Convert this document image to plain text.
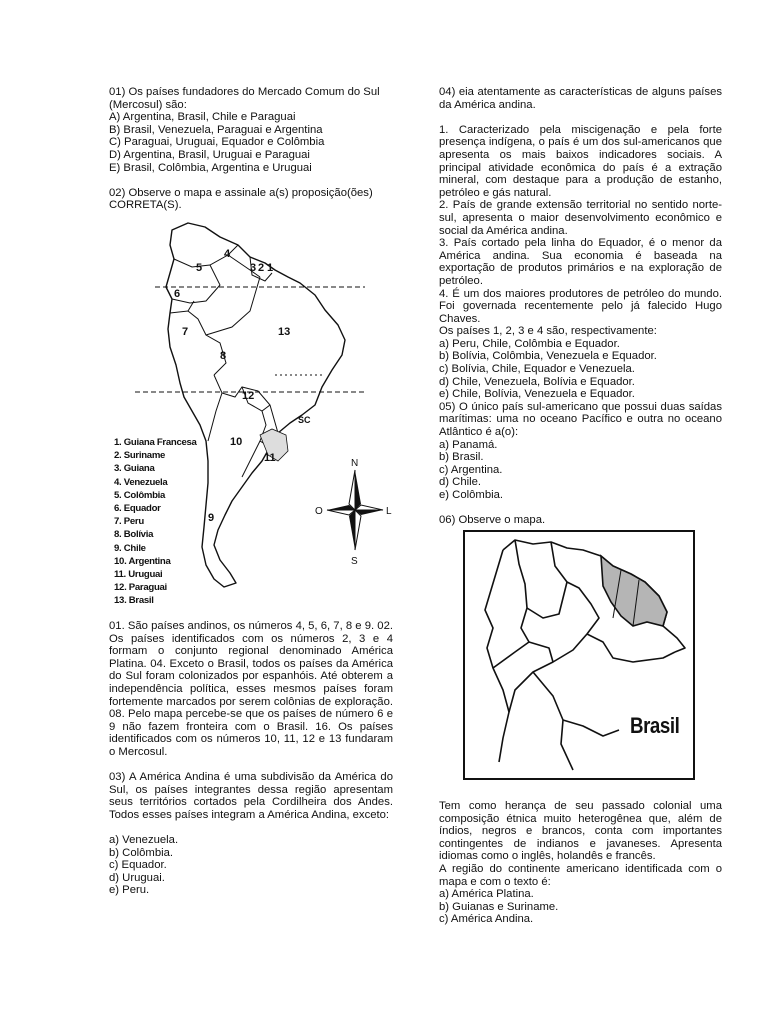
01) Os países fundadores do Mercado Comum do Sul

(Mercosul) são:

A) Argentina, Brasil, Chile e Paraguai

B) Brasil, Venezuela, Paraguai e Argentina

C) Paraguai, Uruguai, Equador e Colômbia

D) Argentina, Brasil, Uruguai e Paraguai

E) Brasil, Colômbia, Argentina e Uruguai

02) Observe o mapa e assinale a(s) proposição(ões)

CORRETA(S).

5
4
3 2 1
6
7
8
13
12
10
11
9
SC
N
S
O	L
1. Guiana Francesa
2. Suriname
3. Guiana
4. Venezuela
5. Colômbia
6. Equador
7. Peru
8. Bolívia
9. Chile
10. Argentina
11. Uruguai
12. Paraguai
13. Brasil

01. São países andinos, os números 4, 5, 6, 7, 8 e 9. 02. Os países identificados com os números 2, 3 e 4 formam o conjunto regional denominado América Platina. 04. Exceto o Brasil, todos os países da América do Sul foram colonizados por espanhóis. Até obterem a independência política, esses mesmos países foram fortemente marcados por serem colônias de exploração. 08. Pelo mapa percebe-se que os países de número 6 e 9 não fazem fronteira com o Brasil. 16. Os países identificados com os números 10, 11, 12 e 13 fundaram o Mercosul.

03) A América Andina é uma subdivisão da América do Sul, os países integrantes dessa região apresentam seus territórios cortados pela Cordilheira dos Andes. Todos esses países integram a América Andina, exceto:

a) Venezuela.

b) Colômbia.

c) Equador.

d) Uruguai.

e) Peru.

04) eia atentamente as características de alguns países da América andina.

1. Caracterizado pela miscigenação e pela forte presença indígena, o país é um dos sul-americanos que apresenta os mais baixos indicadores sociais. A principal atividade econômica do país é a extração mineral, com destaque para a produção de estanho, petróleo e gás natural.

2. País de grande extensão territorial no sentido norte-sul, apresenta o maior desenvolvimento econômico e social da América andina.

3. País cortado pela linha do Equador, é o menor da América andina. Sua economia é baseada na exportação de produtos primários e na exploração de petróleo.

4. É um dos maiores produtores de petróleo do mundo. Foi governada recentemente pelo já falecido Hugo Chaves.

Os países 1, 2, 3 e 4 são, respectivamente:

a) Peru, Chile, Colômbia e Equador.

b) Bolívia, Colômbia, Venezuela e Equador.

c) Bolívia, Chile, Equador e Venezuela.

d) Chile, Venezuela, Bolívia e Equador.

e) Chile, Bolívia, Venezuela e Equador.

05) O único país sul-americano que possui duas saídas marítimas: uma no oceano Pacífico e outra no oceano Atlântico é a(o):

a) Panamá.

b) Brasil.

c) Argentina.

d) Chile.

e) Colômbia.

06) Observe o mapa.

Brasil

Tem como herança de seu passado colonial uma composição étnica muito heterogênea que, além de índios, negros e brancos, conta com importantes contingentes de indianos e javaneses. Apresenta idiomas como o inglês, holandês e francês.

A região do continente americano identificada com o mapa e com o texto é:

a) América Platina.

b) Guianas e Suriname.

c) América Andina.
